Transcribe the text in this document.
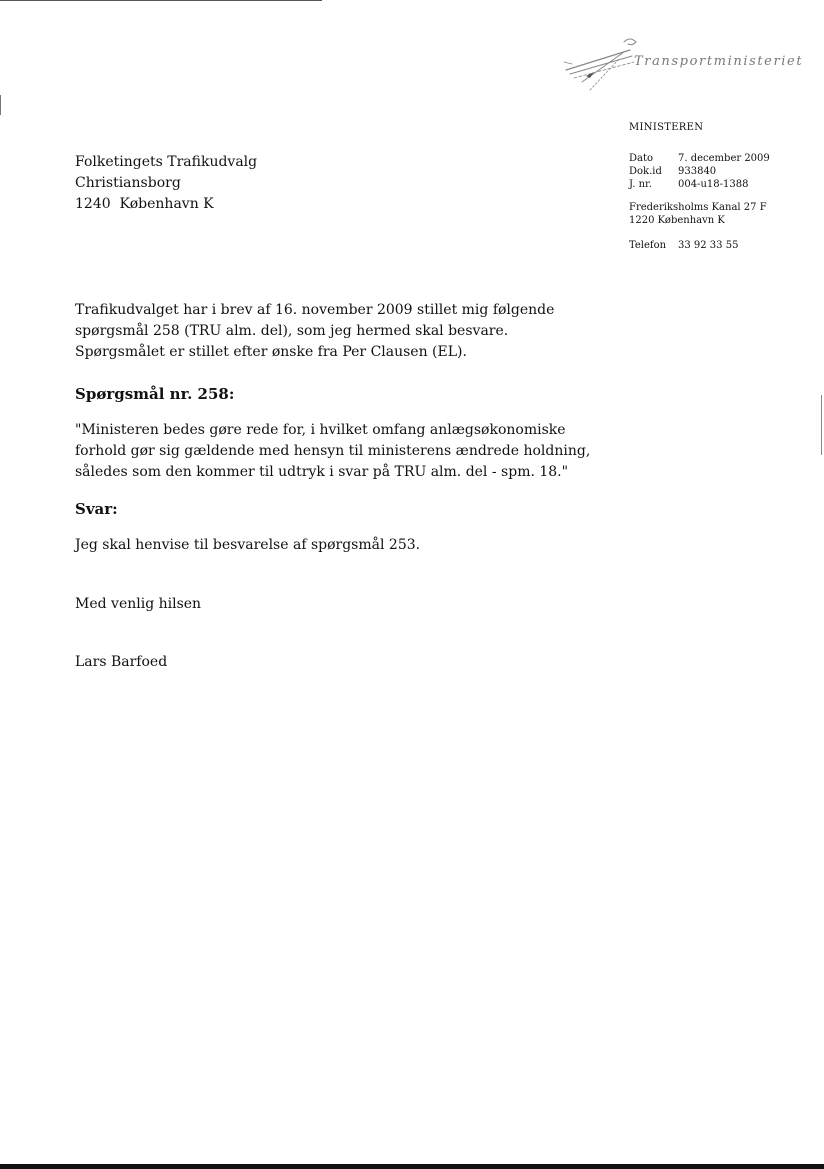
Transportministeriet
MINISTEREN
Dato	7. december 2009
Dok.id	933840
J. nr.	004-u18-1388
Frederiksholms Kanal 27 F
1220 København K
Telefon	33 92 33 55
Folketingets Trafikudvalg
Christiansborg
1240  København K
Trafikudvalget har i brev af 16. november 2009 stillet mig følgende spørgsmål 258 (TRU alm. del), som jeg hermed skal besvare. Spørgsmålet er stillet efter ønske fra Per Clausen (EL).
Spørgsmål nr. 258:
"Ministeren bedes gøre rede for, i hvilket omfang anlægsøkonomiske forhold gør sig gældende med hensyn til ministerens ændrede holdning, således som den kommer til udtryk i svar på TRU alm. del - spm. 18."
Svar:
Jeg skal henvise til besvarelse af spørgsmål 253.
Med venlig hilsen
Lars Barfoed
